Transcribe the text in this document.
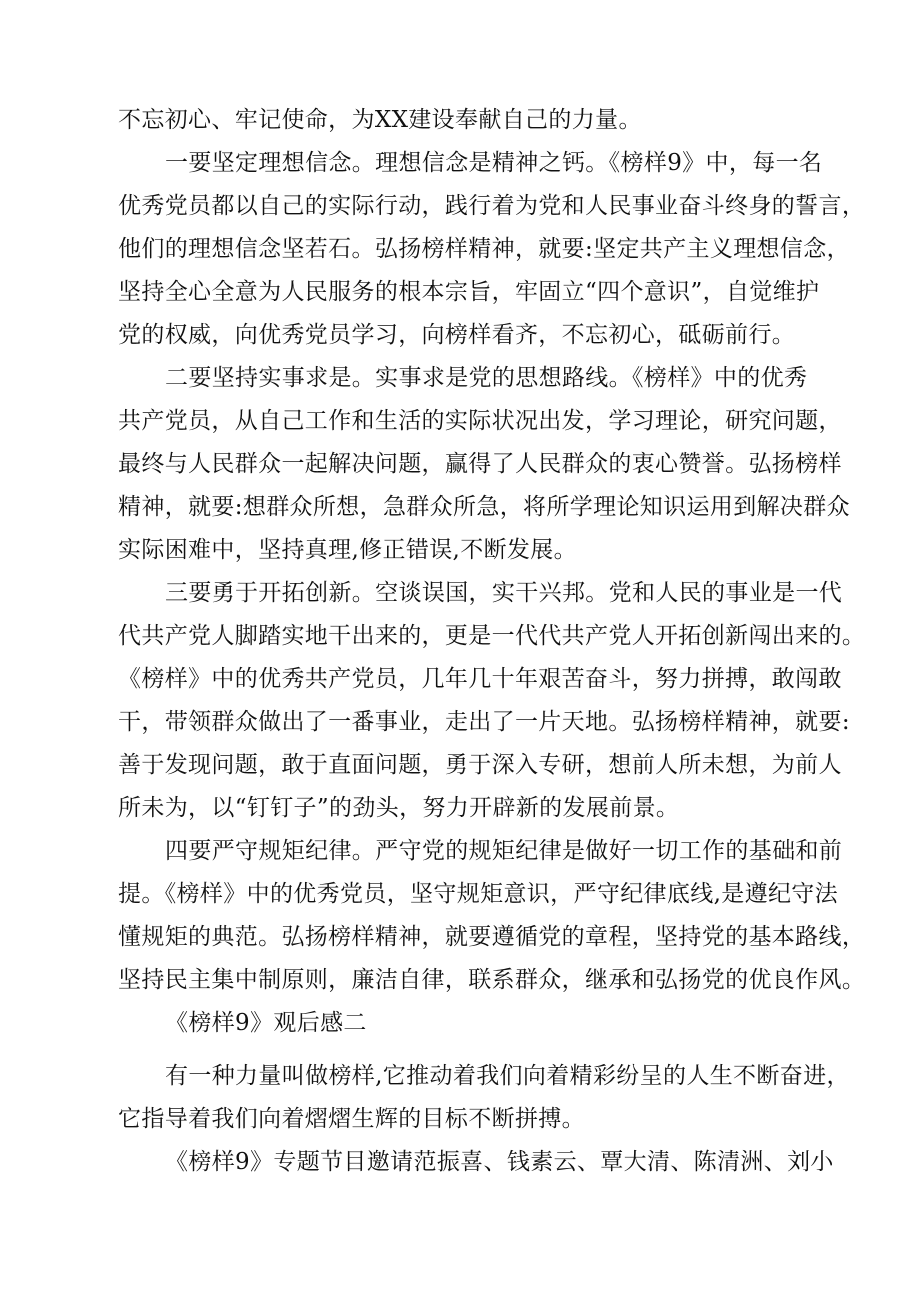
不忘初心、牢记使命，为XX建设奉献自己的力量。
一要坚定理想信念。理想信念是精神之钙。《榜样9》中，每一名
优秀党员都以自己的实际行动，践行着为党和人民事业奋斗终身的誓言，
他们的理想信念坚若石。弘扬榜样精神，就要:坚定共产主义理想信念，
坚持全心全意为人民服务的根本宗旨，牢固立“四个意识”，自觉维护
党的权威，向优秀党员学习，向榜样看齐，不忘初心，砥砺前行。
二要坚持实事求是。实事求是党的思想路线。《榜样》中的优秀
共产党员，从自己工作和生活的实际状况出发，学习理论，研究问题，
最终与人民群众一起解决问题，赢得了人民群众的衷心赞誉。弘扬榜样
精神，就要:想群众所想，急群众所急，将所学理论知识运用到解决群众
实际困难中，坚持真理,修正错误,不断发展。
三要勇于开拓创新。空谈误国，实干兴邦。党和人民的事业是一代
代共产党人脚踏实地干出来的，更是一代代共产党人开拓创新闯出来的。
《榜样》中的优秀共产党员，几年几十年艰苦奋斗，努力拼搏，敢闯敢
干，带领群众做出了一番事业，走出了一片天地。弘扬榜样精神，就要:
善于发现问题，敢于直面问题，勇于深入专研，想前人所未想，为前人
所未为，以“钉钉子”的劲头，努力开辟新的发展前景。
四要严守规矩纪律。严守党的规矩纪律是做好一切工作的基础和前
提。《榜样》中的优秀党员，坚守规矩意识，严守纪律底线,是遵纪守法
懂规矩的典范。弘扬榜样精神，就要遵循党的章程，坚持党的基本路线，
坚持民主集中制原则，廉洁自律，联系群众，继承和弘扬党的优良作风。
《榜样9》观后感二
有一种力量叫做榜样,它推动着我们向着精彩纷呈的人生不断奋进，
它指导着我们向着熠熠生辉的目标不断拼搏。
《榜样9》专题节目邀请范振喜、钱素云、覃大清、陈清洲、刘小
